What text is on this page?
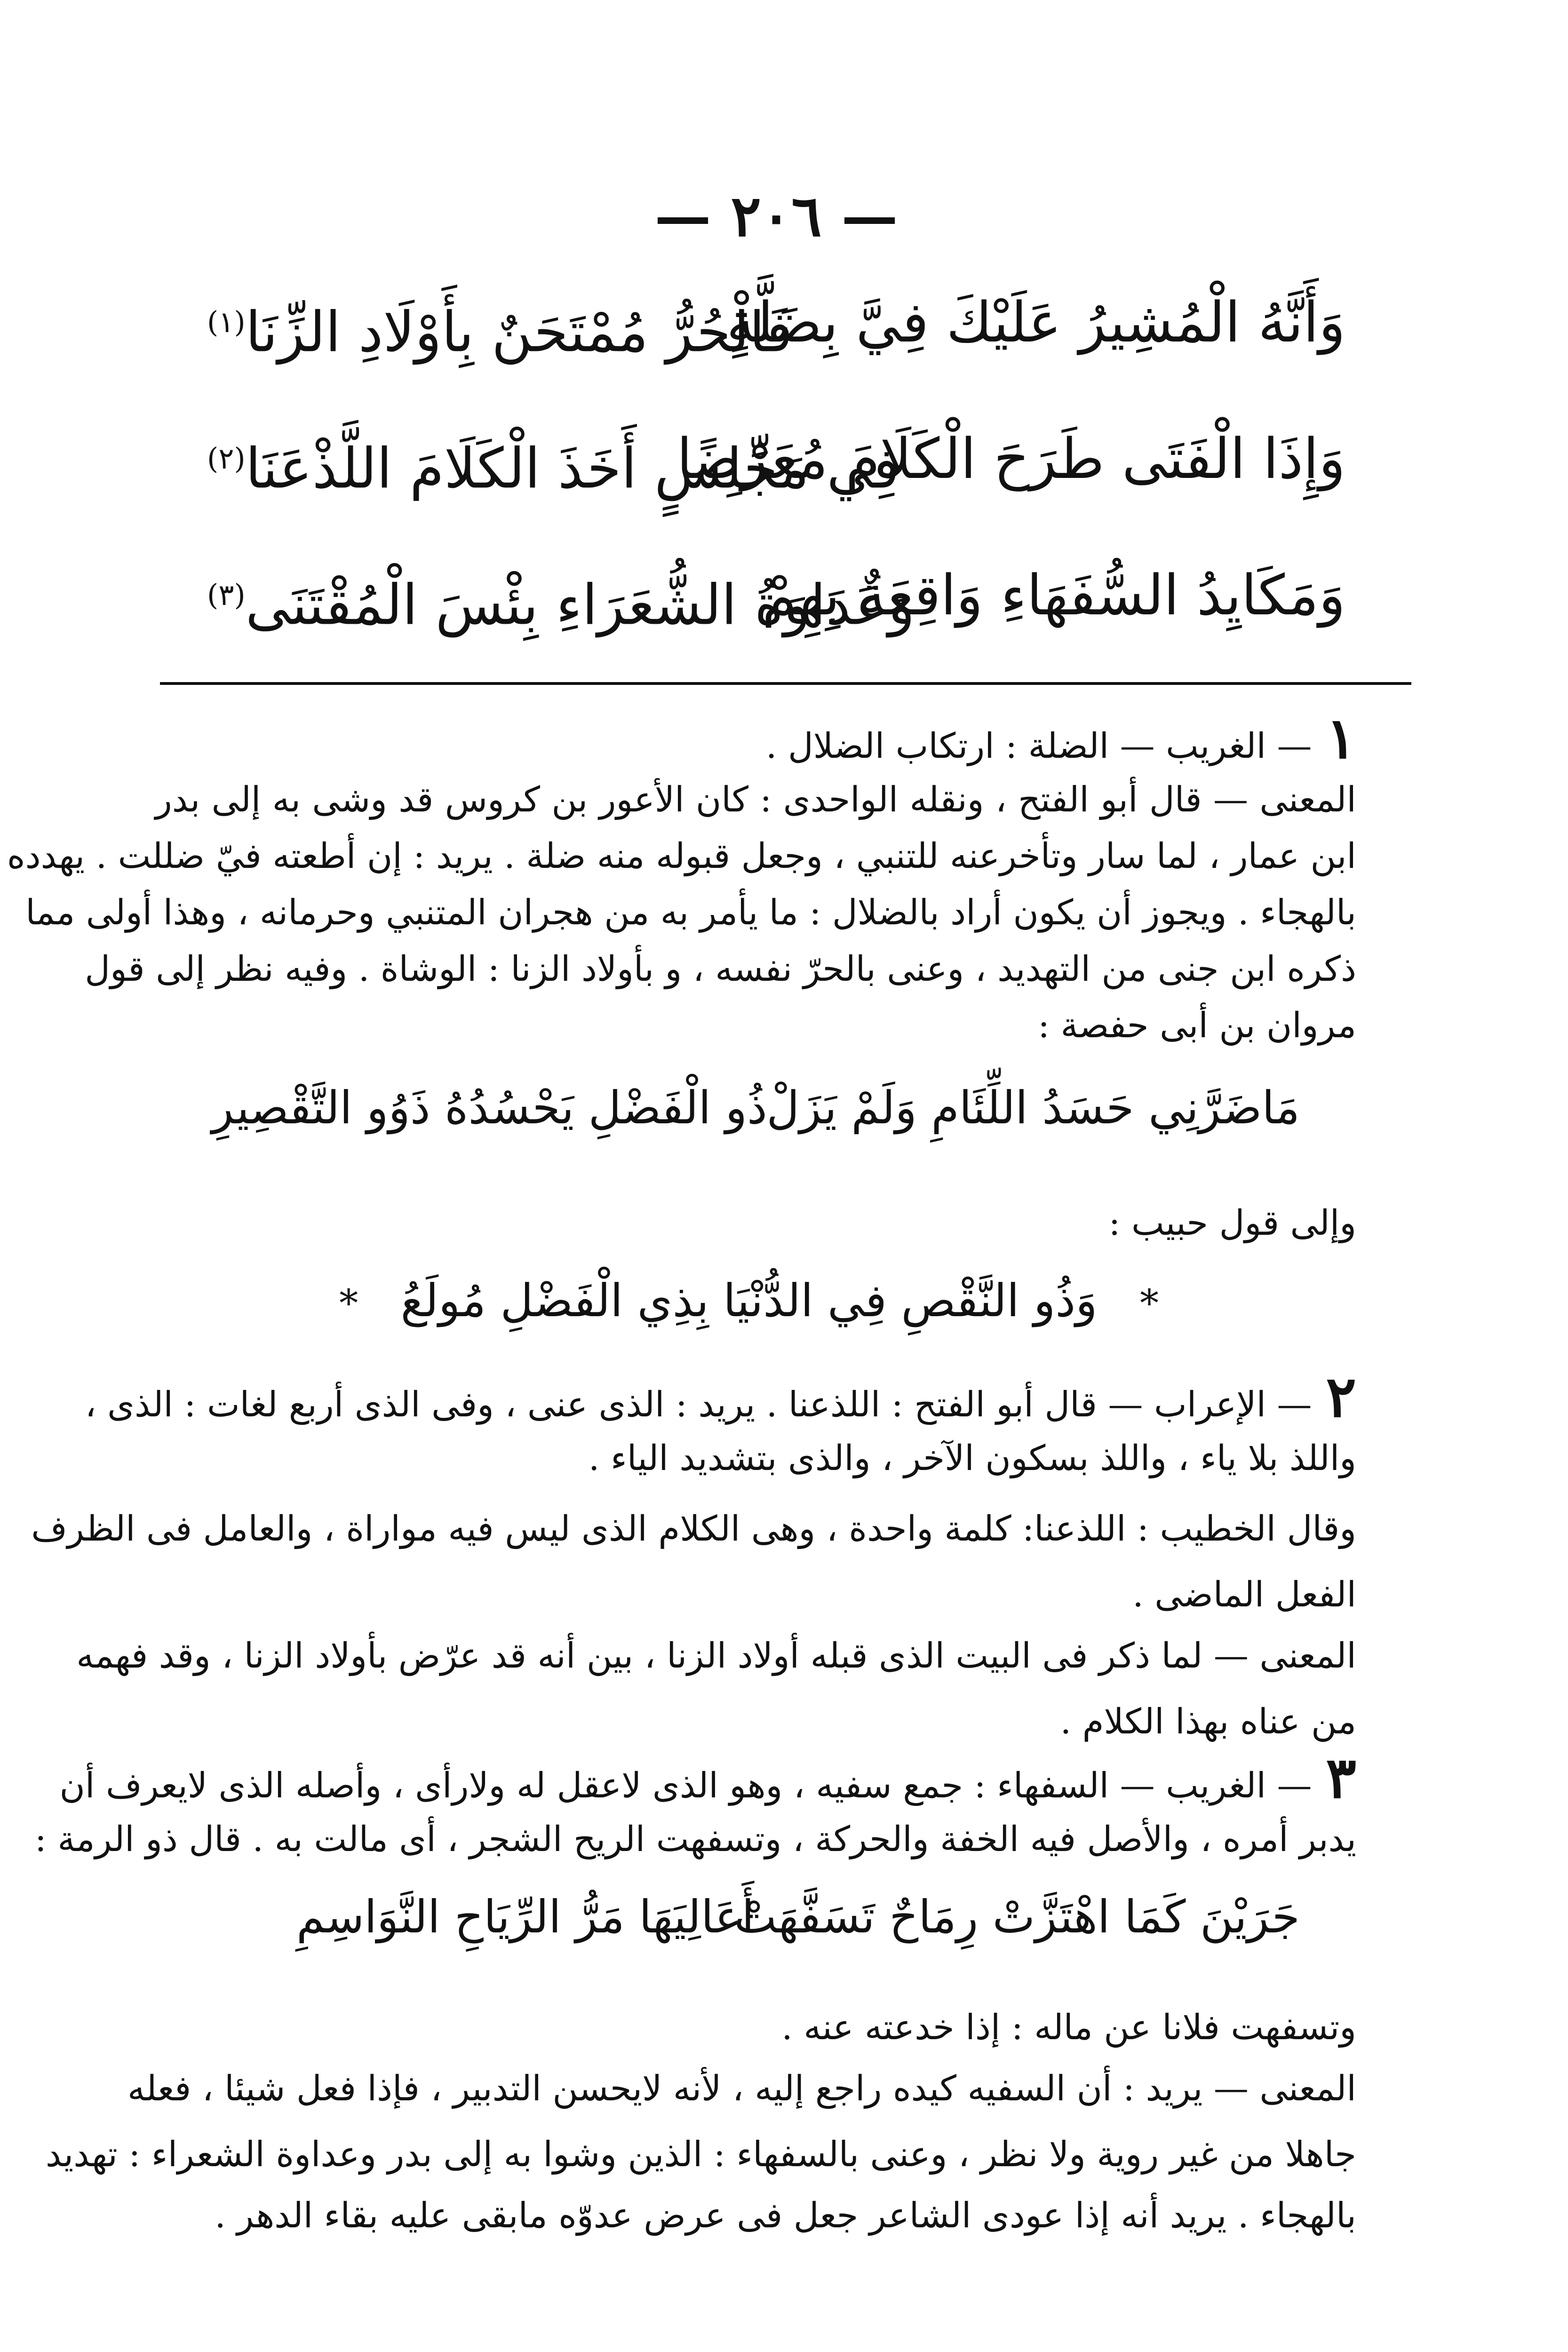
— ٢٠٦ —
وَأَنَّهُ الْمُشِيرُ عَلَيْكَ فِيَّ بِضَلَّةٍ
فَالْحُرُّ مُمْتَحَنٌ بِأَوْلَادِ الزِّنَا$^{(١)}$
وَإِذَا الْفَتَى طَرَحَ الْكَلَامَ مُعَرِّضًا
فِي مَجْلِسٍ أَخَذَ الْكَلَامَ اللَّذْعَنَا$^{(٢)}$
وَمَكَايِدُ السُّفَهَاءِ وَاقِعَةٌ بِهِمْ
وَعَدَاوَةُ الشُّعَرَاءِ بِئْسَ الْمُقْتَنَى$^{(٣)}$
١— الغريب — الضلة : ارتكاب الضلال .
المعنى — قال أبو الفتح ، ونقله الواحدى : كان الأعور بن كروس قد وشى به إلى بدر
ابن عمار ، لما سار وتأخرعنه للتنبي ، وجعل قبوله منه ضلة . يريد : إن أطعته فيّ ضللت . يهدده
بالهجاء . ويجوز أن يكون أراد بالضلال : ما يأمر به من هجران المتنبي وحرمانه ، وهذا أولى مما
ذكره ابن جنى من التهديد ، وعنى بالحرّ نفسه ، و بأولاد الزنا : الوشاة . وفيه نظر إلى قول
مروان بن أبى حفصة :
مَاضَرَّنِي حَسَدُ اللِّئَامِ وَلَمْ يَزَلْ
ذُو الْفَضْلِ يَحْسُدُهُ ذَوُو التَّقْصِيرِ
وإلى قول حبيب :
* وَذُو النَّقْصِ فِي الدُّنْيَا بِذِي الْفَضْلِ مُولَعُ *
٢— الإعراب — قال أبو الفتح : اللذعنا . يريد : الذى عنى ، وفى الذى أربع لغات : الذى ،
واللذ بلا ياء ، واللذ بسكون الآخر ، والذى بتشديد الياء .
وقال الخطيب : اللذعنا: كلمة واحدة ، وهى الكلام الذى ليس فيه مواراة ، والعامل فى الظرف
الفعل الماضى .
المعنى — لما ذكر فى البيت الذى قبله أولاد الزنا ، بين أنه قد عرّض بأولاد الزنا ، وقد فهمه
من عناه بهذا الكلام .
٣— الغريب — السفهاء : جمع سفيه ، وهو الذى لاعقل له ولارأى ، وأصله الذى لايعرف أن
يدبر أمره ، والأصل فيه الخفة والحركة ، وتسفهت الريح الشجر ، أى مالت به . قال ذو الرمة :
جَرَيْنَ كَمَا اهْتَزَّتْ رِمَاحٌ تَسَفَّهَتْ
أَعَالِيَهَا مَرُّ الرِّيَاحِ النَّوَاسِمِ
وتسفهت فلانا عن ماله : إذا خدعته عنه .
المعنى — يريد : أن السفيه كيده راجع إليه ، لأنه لايحسن التدبير ، فإذا فعل شيئا ، فعله
جاهلا من غير روية ولا نظر ، وعنى بالسفهاء : الذين وشوا به إلى بدر وعداوة الشعراء : تهديد
بالهجاء . يريد أنه إذا عودى الشاعر جعل فى عرض عدوّه مابقى عليه بقاء الدهر .
